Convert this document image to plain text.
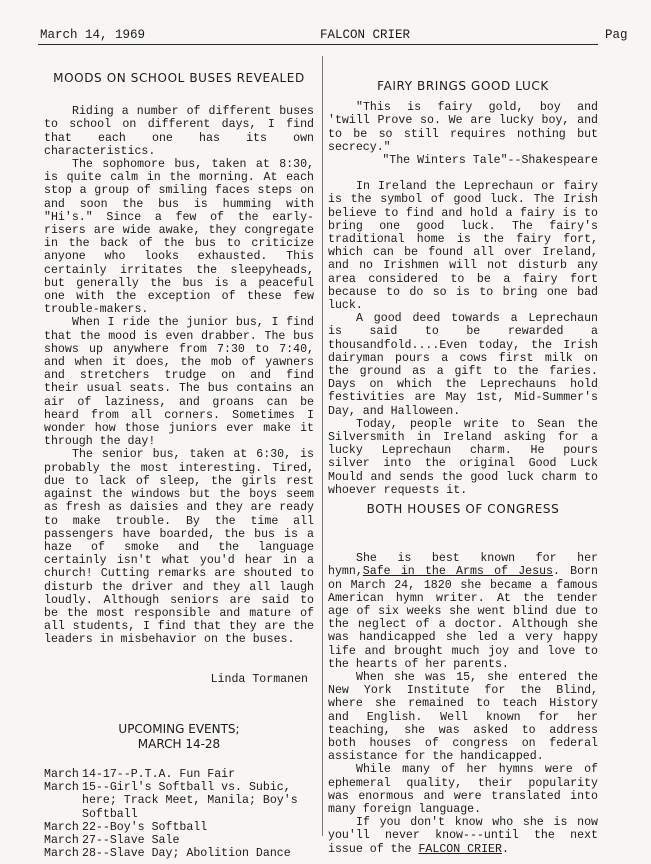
March 14, 1969	FALCON CRIER	Pag
MOODS ON SCHOOL BUSES REVEALED

Riding a number of different buses to school on different days, I find that each one has its own characteristics.

The sophomore bus, taken at 8:30, is quite calm in the morning. At each stop a group of smiling faces steps on and soon the bus is humming with "Hi's." Since a few of the early-risers are wide awake, they congregate in the back of the bus to criticize anyone who looks exhausted. This certainly irritates the sleepyheads, but generally the bus is a peaceful one with the exception of these few trouble-makers.

When I ride the junior bus, I find that the mood is even drabber. The bus shows up anywhere from 7:30 to 7:40, and when it does, the mob of yawners and stretchers trudge on and find their usual seats. The bus contains an air of laziness, and groans can be heard from all corners. Sometimes I wonder how those juniors ever make it through the day!

The senior bus, taken at 6:30, is probably the most interesting. Tired, due to lack of sleep, the girls rest against the windows but the boys seem as fresh as daisies and they are ready to make trouble. By the time all passengers have boarded, the bus is a haze of smoke and the language certainly isn't what you'd hear in a church! Cutting remarks are shouted to disturb the driver and they all laugh loudly. Although seniors are said to be the most responsible and mature of all students, I find that they are the leaders in misbehavior on the buses.

Linda Tormanen
UPCOMING EVENTS;
MARCH 14-28
March 14-17--P.T.A. Fun Fair
March 15--Girl's Softball vs. Subic, here; Track Meet, Manila; Boy's Softball
March 22--Boy's Softball
March 27--Slave Sale
March 28--Slave Day; Abolition Dance
FAIRY BRINGS GOOD LUCK

"This is fairy gold, boy and 'twill Prove so. We are lucky boy, and to be so still requires nothing but secrecy."

"The Winters Tale"--Shakespeare

In Ireland the Leprechaun or fairy is the symbol of good luck. The Irish believe to find and hold a fairy is to bring one good luck. The fairy's traditional home is the fairy fort, which can be found all over Ireland, and no Irishmen will not disturb any area considered to be a fairy fort because to do so is to bring one bad luck.

A good deed towards a Leprechaun is said to be rewarded a thousandfold....Even today, the Irish dairyman pours a cows first milk on the ground as a gift to the faries. Days on which the Leprechauns hold festivities are May 1st, Mid-Summer's Day, and Halloween.

Today, people write to Sean the Silversmith in Ireland asking for a lucky Leprechaun charm. He pours silver into the original Good Luck Mould and sends the good luck charm to whoever requests it.

BOTH HOUSES OF CONGRESS

She is best known for her hymn,Safe in the Arms of Jesus. Born on March 24, 1820 she became a famous American hymn writer. At the tender age of six weeks she went blind due to the neglect of a doctor. Although she was handicapped she led a very happy life and brought much joy and love to the hearts of her parents.

When she was 15, she entered the New York Institute for the Blind, where she remained to teach History and English. Well known for her teaching, she was asked to address both houses of congress on federal assistance for the handicapped.

While many of her hymns were of ephemeral quality, their popularity was enormous and were translated into many foreign language.

If you don't know who she is now you'll never know---until the next issue of the FALCON CRIER.
